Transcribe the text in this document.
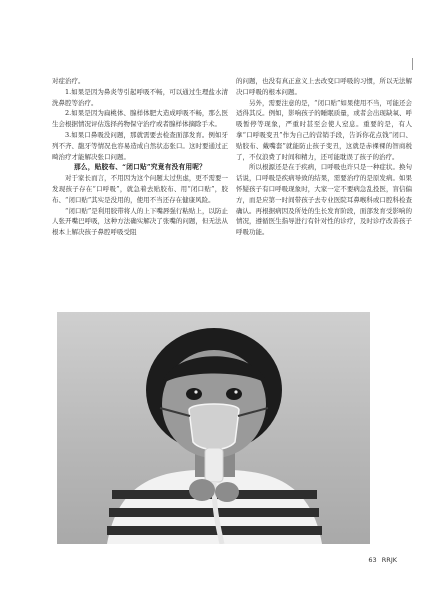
对症治疗。

1.如果是因为鼻炎等引起呼吸不畅，可以通过生理盐水清洗鼻腔等治疗。

2.如果是因为扁桃体、腺样体肥大造成呼吸不畅，那么医生会根据情况评估选择药物保守治疗或者腺样体摘除手术。

3.如果口鼻吸没问题，那就需要去检查面部发育。例如牙列不齐、龅牙等情况也容易造成自然状态张口。这时要通过正畸治疗才能解决张口问题。

那么，贴胶布、“闭口贴”究竟有没有用呢？

对于家长而言，不用因为这个问题太过焦虑，更不需要一发现孩子存在“口呼吸”，就急着去贴胶布、用“闭口贴”，胶布、“闭口贴”其实是没用的，使用不当还存在健康风险。

“闭口贴”是利用胶带将人的上下嘴唇强行粘贴上，以防止人张开嘴巴呼吸，这种方法确实解决了张嘴的问题，但无法从根本上解决孩子鼻腔呼吸受阻

的问题，也没有真正意义上去改变口呼吸的习惯，所以无法解决口呼吸的根本问题。

另外，需要注意的是，“闭口贴”如果使用不当，可能还会适得其反。例如，影响孩子的睡眠质量，或者会出现缺氧、呼吸暂停等现象，严重时甚至会使人窒息。重要的是，有人拿“口呼吸变丑”作为自己的营销手段，告诉你花点钱“闭口、贴胶布、戴嘴套”就能防止孩子变丑，这就是赤裸裸的智商税了，不仅浪费了时间和精力，还可能耽误了孩子的治疗。

所以根源还是在于疾病，口呼吸也许只是一种症状。换句话说，口呼吸是疾病导致的结果，需要治疗的是原发病。如果怀疑孩子有口呼吸现象时，大家一定不要病急乱投医，盲信偏方，而是应第一时间带孩子去专业医院耳鼻喉科或口腔科检查确认。再根据病因及所处的生长发育阶段，面部发育受影响的情况，遵循医生指导进行有针对性的诊疗，及时诊疗改善孩子呼吸功能。

63 RRJK
